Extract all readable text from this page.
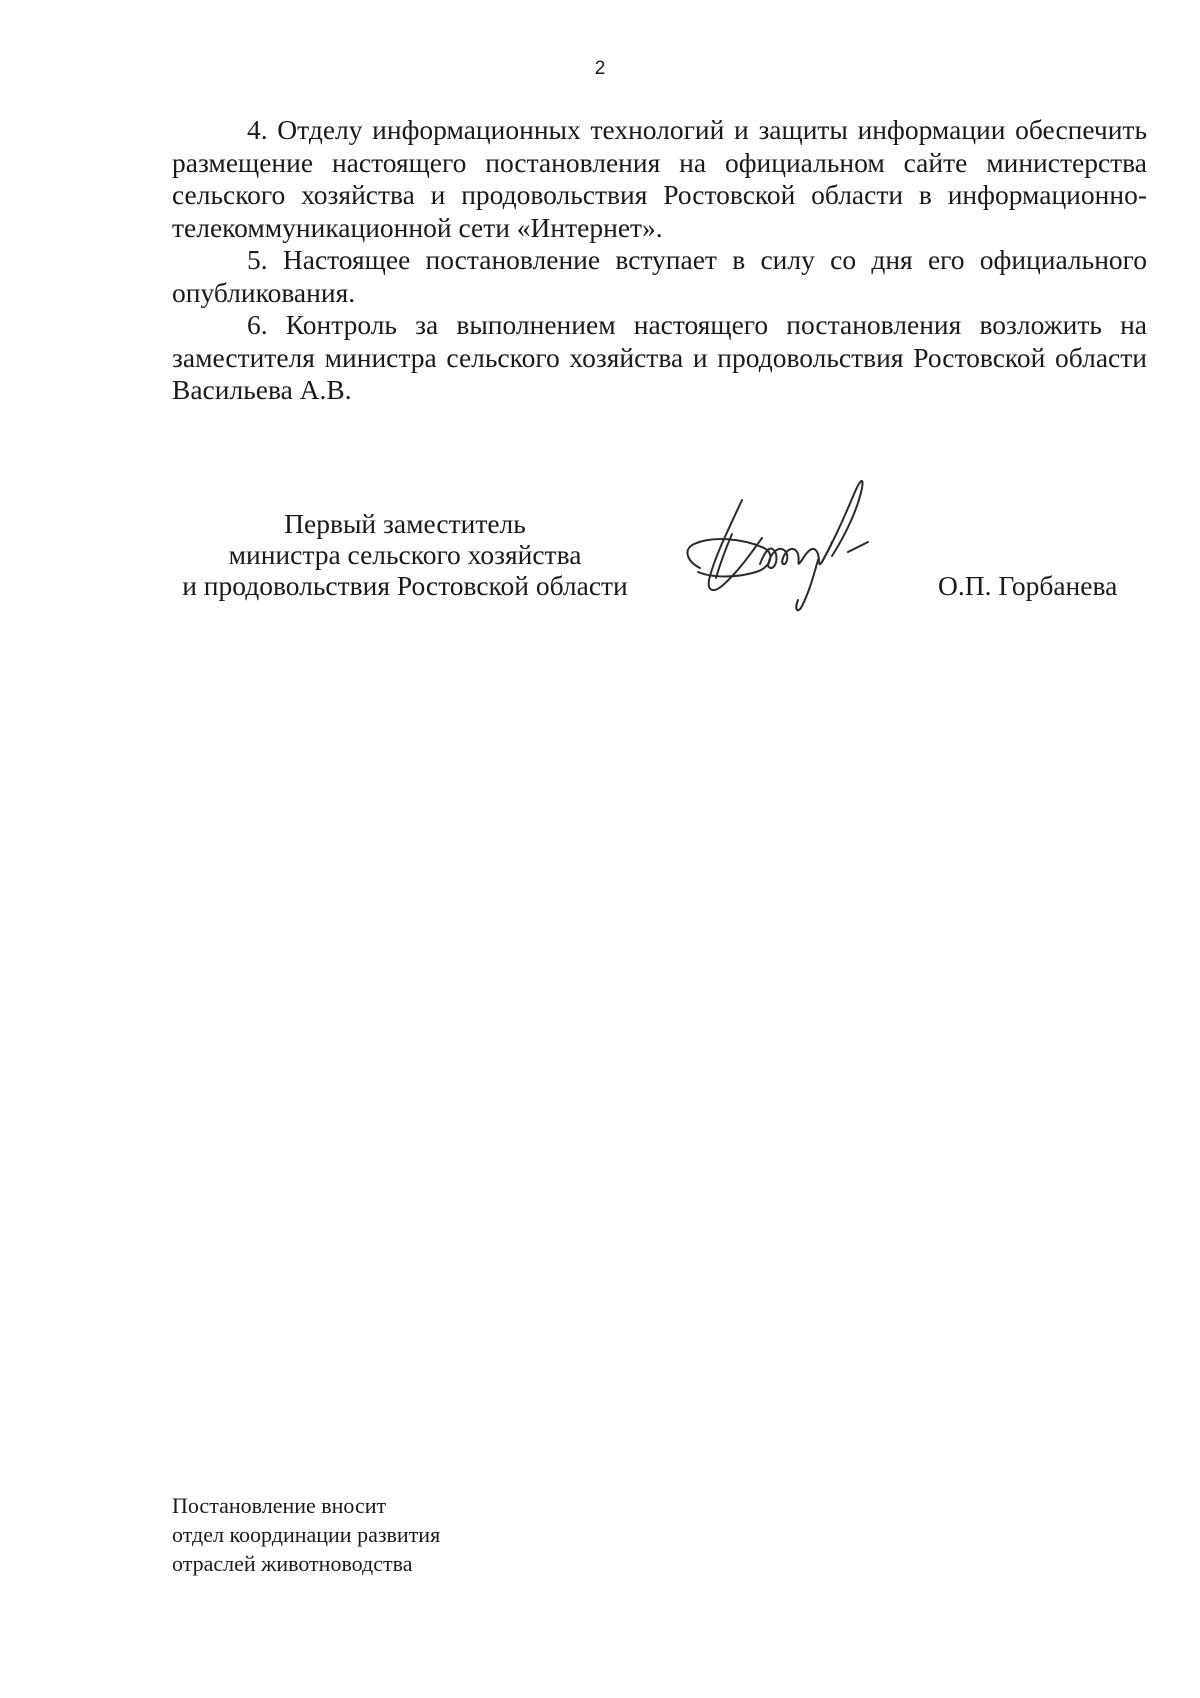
2

4. Отделу информационных технологий и защиты информации обеспечить размещение настоящего постановления на официальном сайте министерства сельского хозяйства и продовольствия Ростовской области в информационно-телекоммуникационной сети «Интернет».

5. Настоящее постановление вступает в силу со дня его официального опубликования.

6. Контроль за выполнением настоящего постановления возложить на заместителя министра сельского хозяйства и продовольствия Ростовской области Васильева А.В.

Первый заместитель
министра сельского хозяйства
и продовольствия Ростовской области	О.П. Горбанева
Постановление вносит
отдел координации развития
отраслей животноводства
